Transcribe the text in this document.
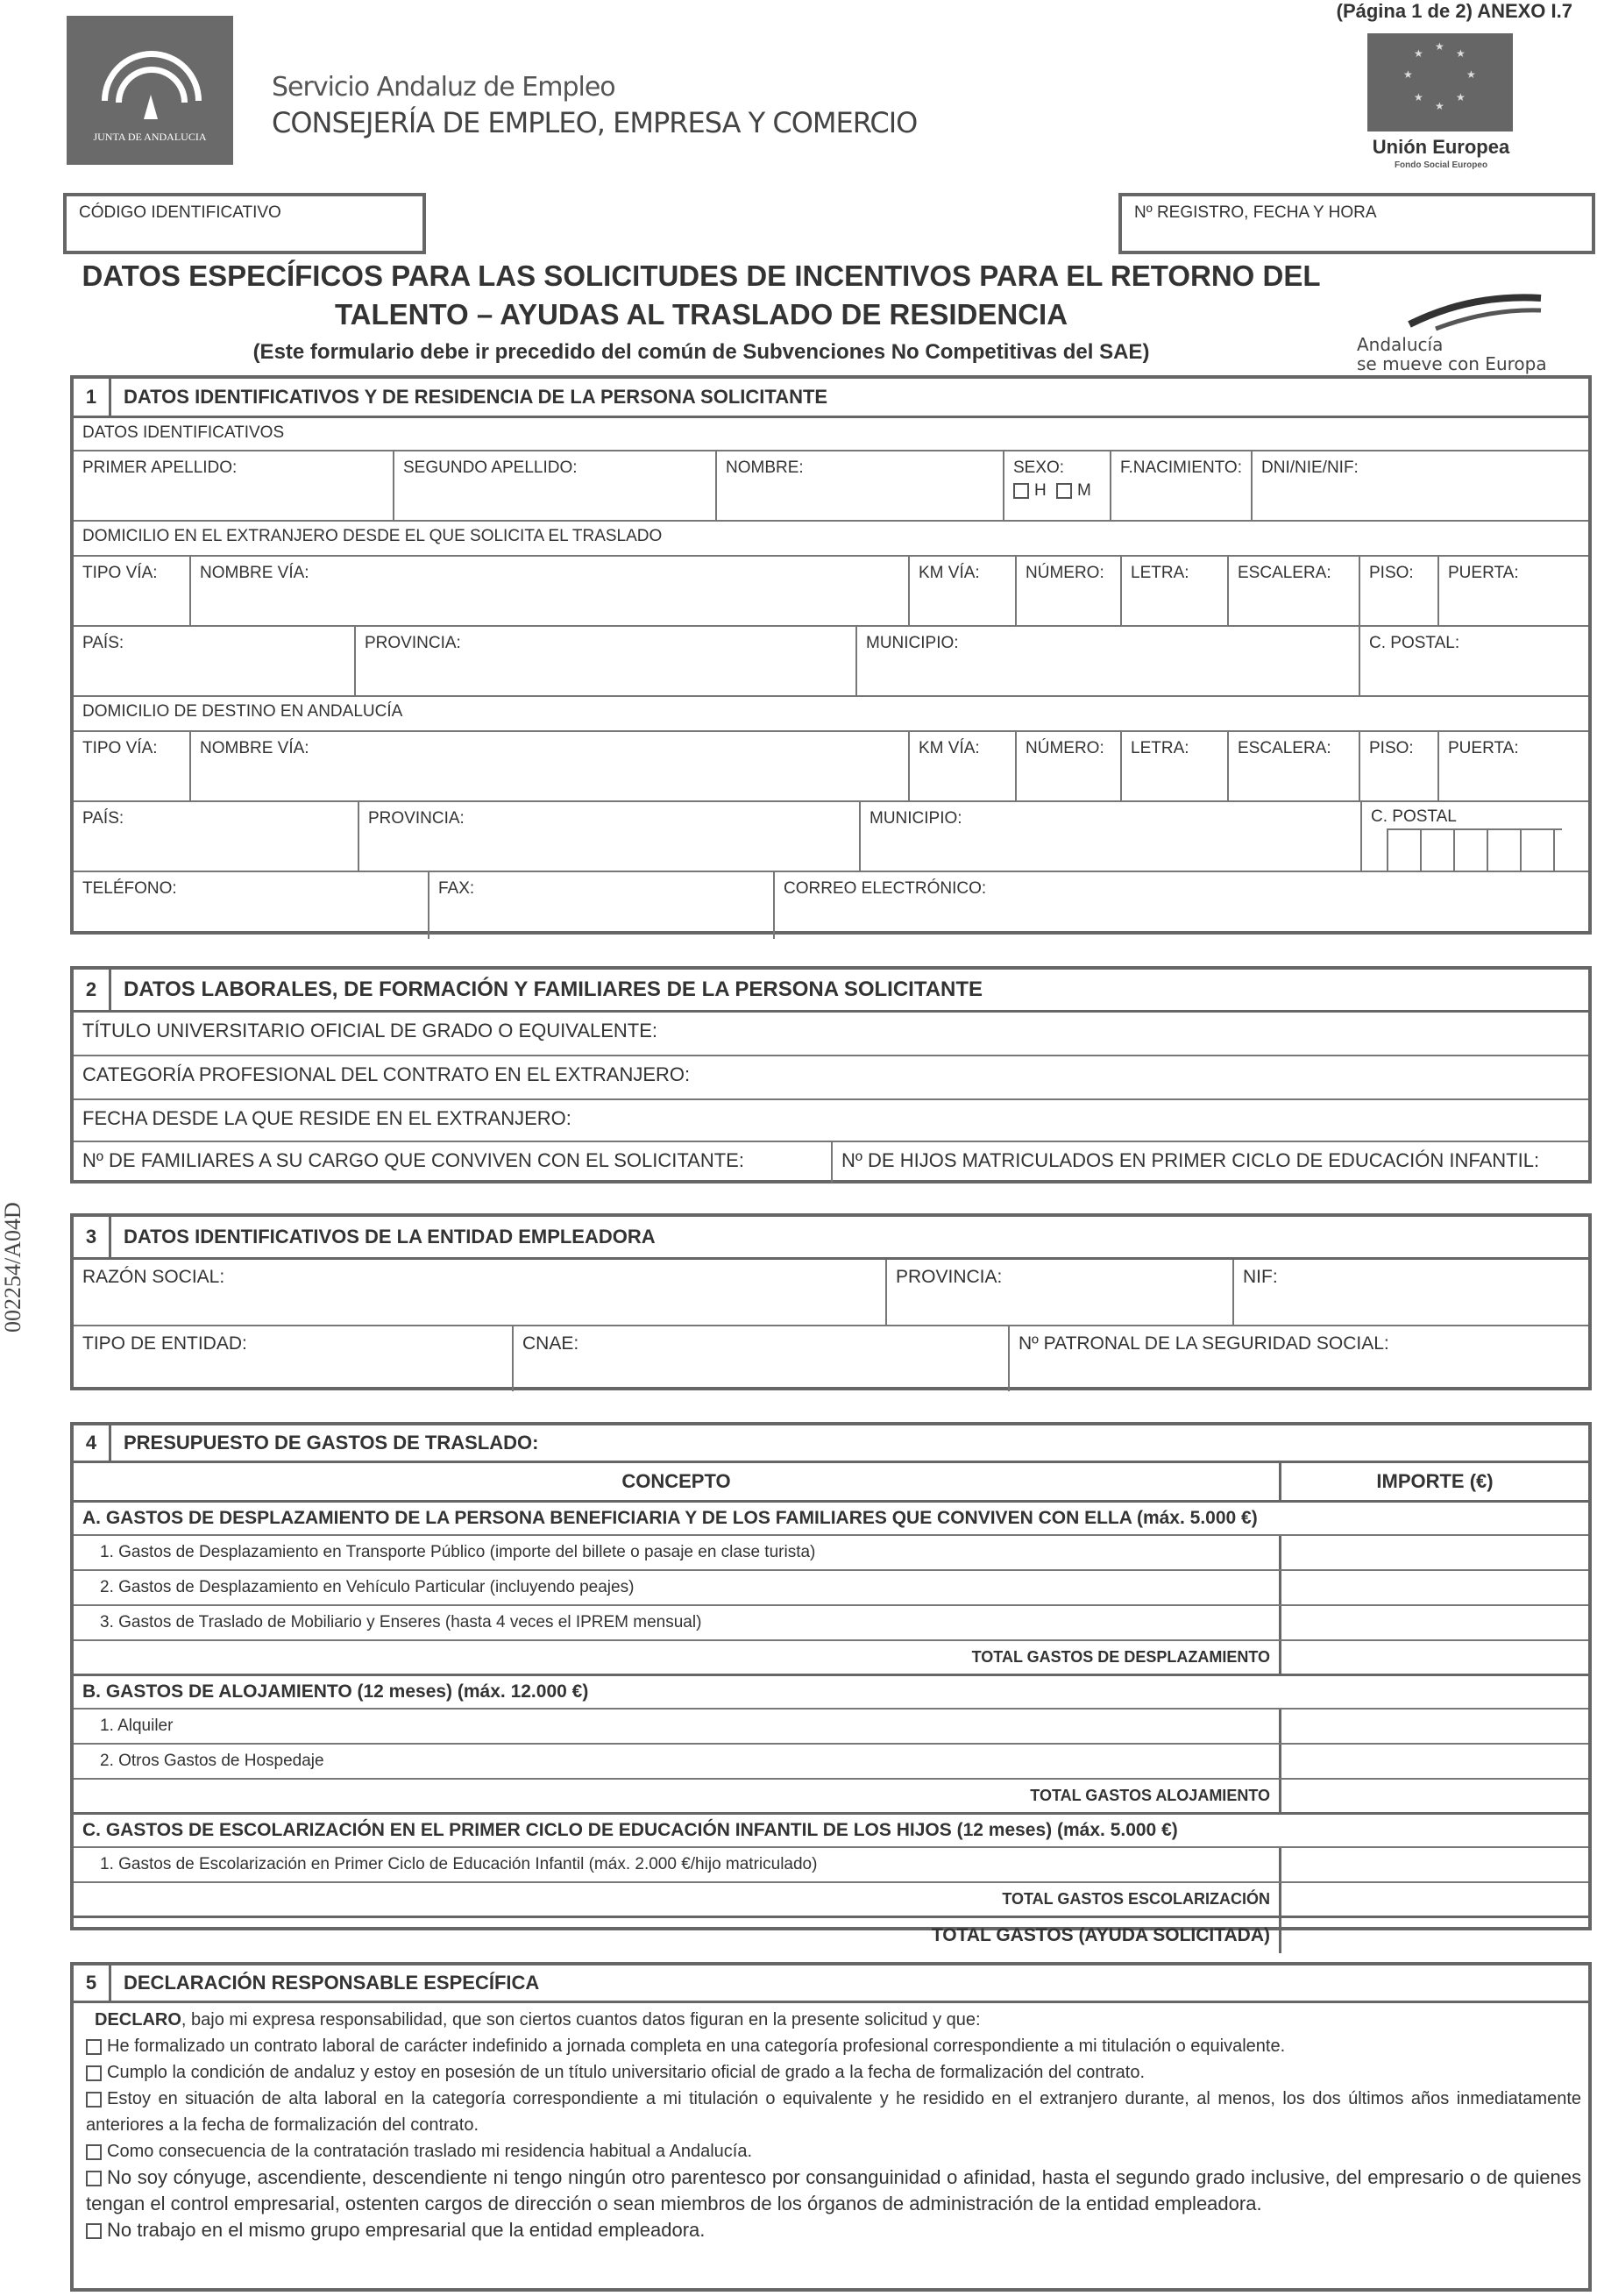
002254/A04D
(Página 1 de 2) ANEXO I.7
JUNTA DE ANDALUCIA
Servicio Andaluz de Empleo
CONSEJERÍA DE EMPLEO, EMPRESA Y COMERCIO
★
★
★
★
★
★
★
★
Unión Europea
Fondo Social Europeo
CÓDIGO IDENTIFICATIVO	Nº REGISTRO, FECHA Y HORA
DATOS ESPECÍFICOS PARA LAS SOLICITUDES DE INCENTIVOS PARA EL RETORNO DEL
TALENTO – AYUDAS AL TRASLADO DE RESIDENCIA
(Este formulario debe ir precedido del común de Subvenciones No Competitivas del SAE)	Andalucía
se mueve con Europa
1	DATOS IDENTIFICATIVOS Y DE RESIDENCIA DE LA PERSONA SOLICITANTE
DATOS IDENTIFICATIVOS
PRIMER APELLIDO:	SEGUNDO APELLIDO:	NOMBRE:	SEXO:
H M
F.NACIMIENTO:	DNI/NIE/NIF:
DOMICILIO EN EL EXTRANJERO DESDE EL QUE SOLICITA EL TRASLADO
TIPO VÍA:	NOMBRE VÍA:	KM VÍA:	NÚMERO:	LETRA:	ESCALERA:	PISO:	PUERTA:
PAÍS:	PROVINCIA:	MUNICIPIO:	C. POSTAL:
DOMICILIO DE DESTINO EN ANDALUCÍA
TIPO VÍA:	NOMBRE VÍA:	KM VÍA:	NÚMERO:	LETRA:	ESCALERA:	PISO:	PUERTA:
PAÍS:	PROVINCIA:	MUNICIPIO:	C. POSTAL
TELÉFONO:	FAX:	CORREO ELECTRÓNICO:
2	DATOS LABORALES, DE FORMACIÓN Y FAMILIARES DE LA PERSONA SOLICITANTE
TÍTULO UNIVERSITARIO OFICIAL DE GRADO O EQUIVALENTE:
CATEGORÍA PROFESIONAL DEL CONTRATO EN EL EXTRANJERO:
FECHA DESDE LA QUE RESIDE EN EL EXTRANJERO:
Nº DE FAMILIARES A SU CARGO QUE CONVIVEN CON EL SOLICITANTE:	Nº DE HIJOS MATRICULADOS EN PRIMER CICLO DE EDUCACIÓN INFANTIL:
3	DATOS IDENTIFICATIVOS DE LA ENTIDAD EMPLEADORA
RAZÓN SOCIAL:	PROVINCIA:	NIF:
TIPO DE ENTIDAD:	CNAE:	Nº PATRONAL DE LA SEGURIDAD SOCIAL:
4	PRESUPUESTO DE GASTOS DE TRASLADO:
CONCEPTO	IMPORTE (€)
A. GASTOS DE DESPLAZAMIENTO DE LA PERSONA BENEFICIARIA Y DE LOS FAMILIARES QUE CONVIVEN CON ELLA (máx. 5.000 €)
1. Gastos de Desplazamiento en Transporte Público (importe del billete o pasaje en clase turista)
2. Gastos de Desplazamiento en Vehículo Particular (incluyendo peajes)
3. Gastos de Traslado de Mobiliario y Enseres (hasta 4 veces el IPREM mensual)
TOTAL GASTOS DE DESPLAZAMIENTO
B. GASTOS DE ALOJAMIENTO (12 meses) (máx. 12.000 €)
1. Alquiler
2. Otros Gastos de Hospedaje
TOTAL GASTOS ALOJAMIENTO
C. GASTOS DE ESCOLARIZACIÓN EN EL PRIMER CICLO DE EDUCACIÓN INFANTIL DE LOS HIJOS (12 meses) (máx. 5.000 €)
1. Gastos de Escolarización en Primer Ciclo de Educación Infantil (máx. 2.000 €/hijo matriculado)
TOTAL GASTOS ESCOLARIZACIÓN
TOTAL GASTOS (AYUDA SOLICITADA)
5	DECLARACIÓN RESPONSABLE ESPECÍFICA

DECLARO, bajo mi expresa responsabilidad, que son ciertos cuantos datos figuran en la presente solicitud y que:

He formalizado un contrato laboral de carácter indefinido a jornada completa en una categoría profesional correspondiente a mi titulación o equivalente.

Cumplo la condición de andaluz y estoy en posesión de un título universitario oficial de grado a la fecha de formalización del contrato.

Estoy en situación de alta laboral en la categoría correspondiente a mi titulación o equivalente y he residido en el extranjero durante, al menos, los dos últimos años inmediatamente anteriores a la fecha de formalización del contrato.

Como consecuencia de la contratación traslado mi residencia habitual a Andalucía.

No soy cónyuge, ascendiente, descendiente ni tengo ningún otro parentesco por consanguinidad o afinidad, hasta el segundo grado inclusive, del empresario o de quienes tengan el control empresarial, ostenten cargos de dirección o sean miembros de los órganos de administración de la entidad empleadora.

No trabajo en el mismo grupo empresarial que la entidad empleadora.
